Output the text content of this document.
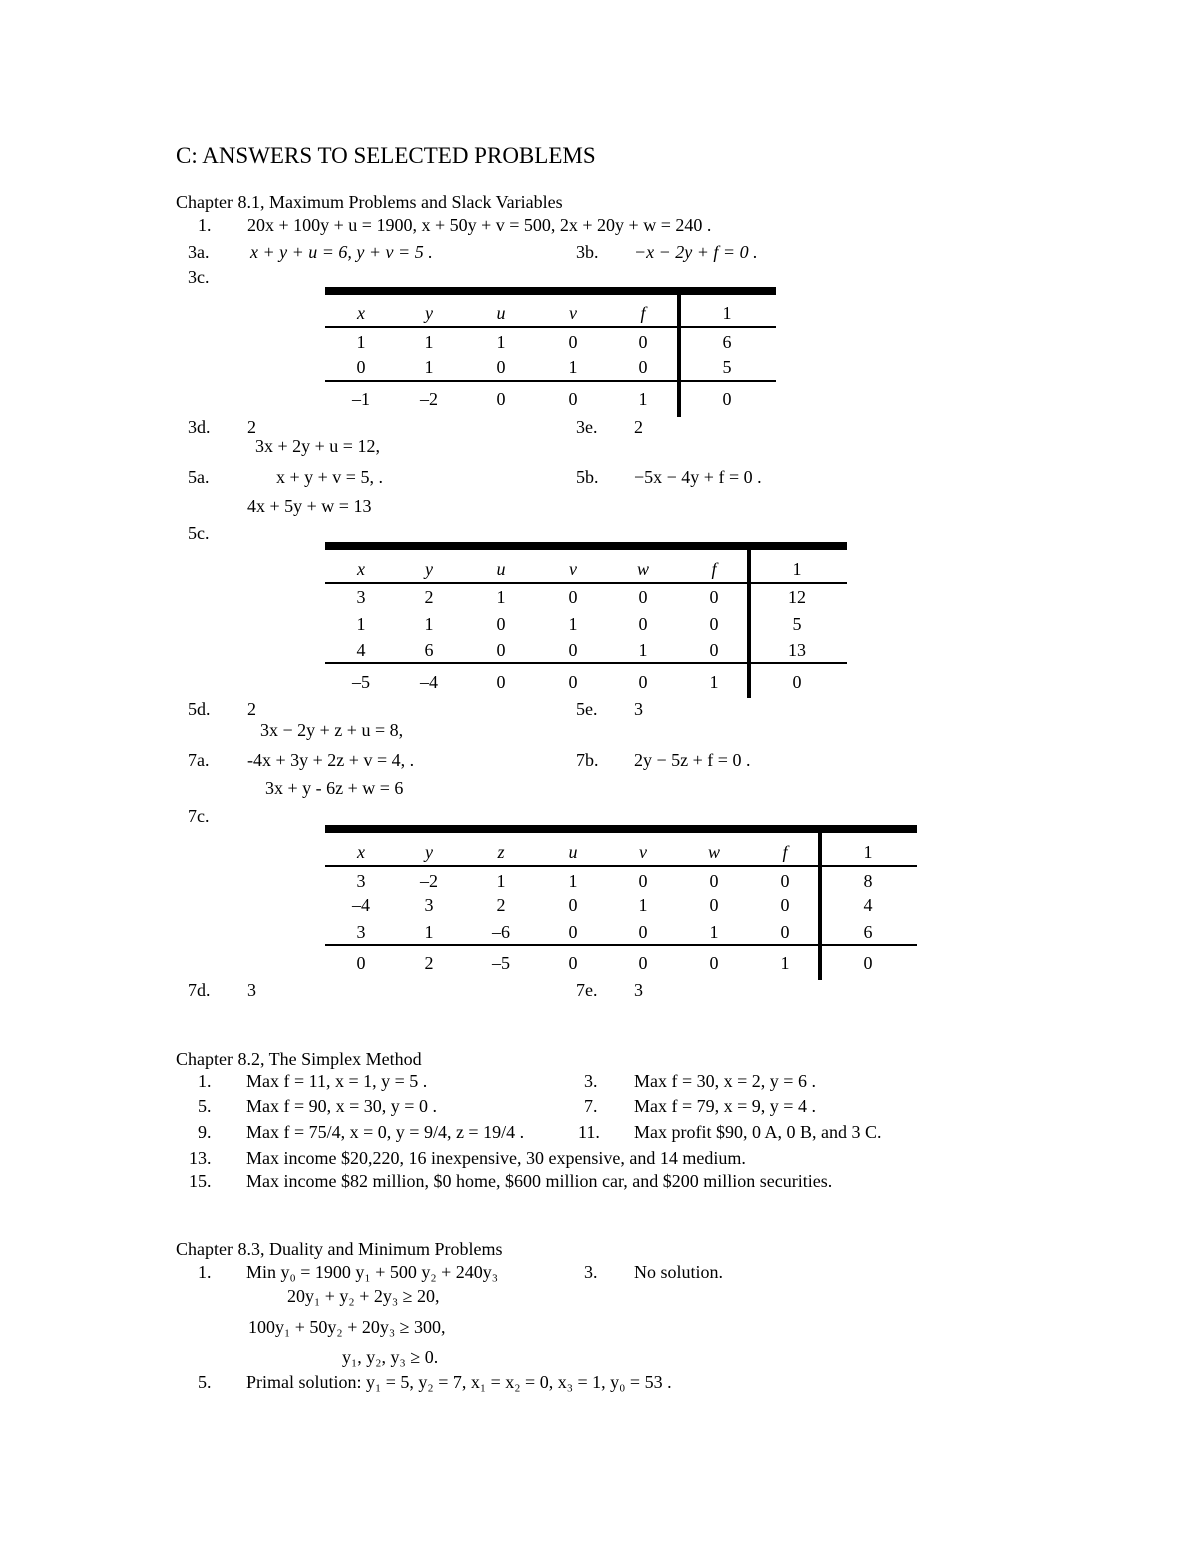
C: ANSWERS TO SELECTED PROBLEMS
Chapter 8.1, Maximum Problems and Slack Variables
1. 20x + 100y + u = 1900, x + 50y + v = 500, 2x + 20y + w = 240 .
3a. x + y + u = 6, y + v = 5 .	3b. −x − 2y + f = 0 .
3c.
x	y	u	v	f	1
1	1	1	0	0	6
0	1	0	1	0	5
–1	–2	0	0	1	0
3d. 2	3e. 2
3x + 2y + u = 12,
5a.	x + y + v = 5, .	5b. −5x − 4y + f = 0 .
4x + 5y + w = 13
5c.
x	y	u	v	w	f	1
3	2	1	0	0	0	12
1	1	0	1	0	0	5
4	6	0	0	1	0	13
–5	–4	0	0	0	1	0
5d. 2	5e. 3
3x − 2y + z + u = 8,
7a. -4x + 3y + 2z + v = 4, .	7b. 2y − 5z + f = 0 .
3x + y - 6z + w = 6
7c.
x	y	z	u	v	w	f	1
3	–2	1	1	0	0	0	8
–4	3	2	0	1	0	0	4
3	1	–6	0	0	1	0	6
0	2	–5	0	0	0	1	0
7d. 3	7e. 3
Chapter 8.2, The Simplex Method
1. Max f = 11, x = 1, y = 5 .	3. Max f = 30, x = 2, y = 6 .
5. Max f = 90, x = 30, y = 0 .	7. Max f = 79, x = 9, y = 4 .
9. Max f = 75/4, x = 0, y = 9/4, z = 19/4 .	11. Max profit $90, 0 A, 0 B, and 3 C.
13. Max income $20,220, 16 inexpensive, 30 expensive, and 14 medium.
15. Max income $82 million, $0 home, $600 million car, and $200 million securities.
Chapter 8.3, Duality and Minimum Problems
1. Min y₀ = 1900 y₁ + 500 y₂ + 240y₃	3. No solution.
20y₁ + y₂ + 2y₃ ≥ 20,
100y₁ + 50y₂ + 20y₃ ≥ 300,
y₁, y₂, y₃ ≥ 0.
5. Primal solution: y₁ = 5, y₂ = 7, x₁ = x₂ = 0, x₃ = 1, y₀ = 53 .
